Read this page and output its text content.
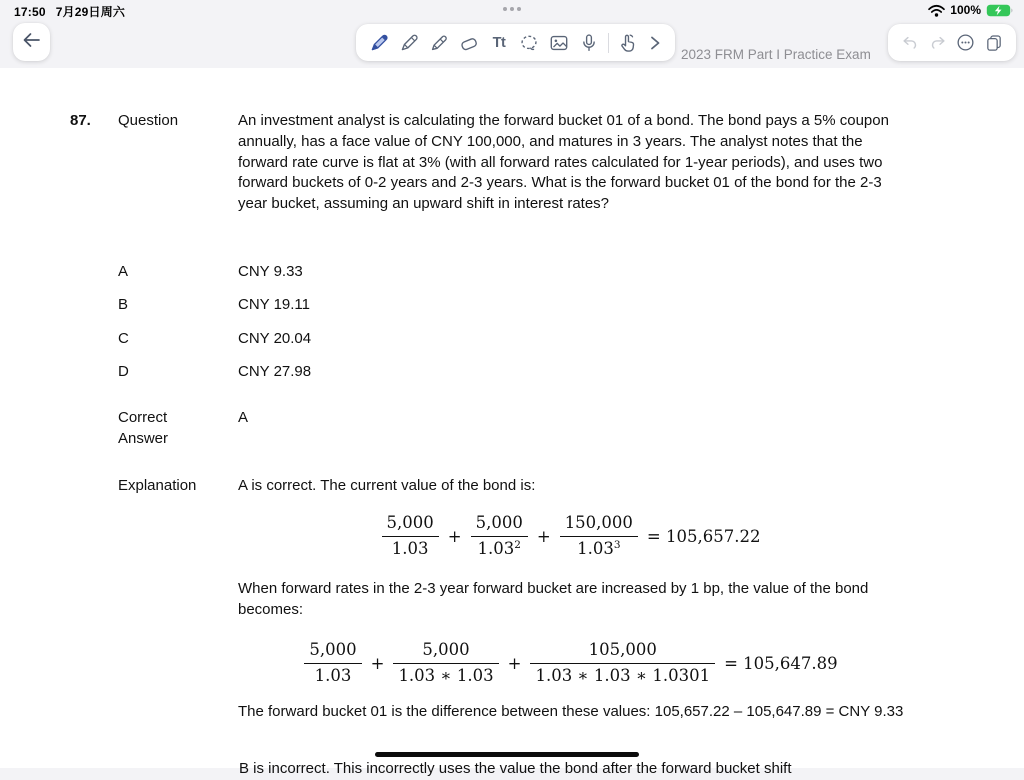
17:50 7月29日周六	100%
Tt
2023 FRM Part I Practice Exam
87. Question	An investment analyst is calculating the forward bucket 01 of a bond. The bond pays a 5% coupon annually, has a face value of CNY 100,000, and matures in 3 years. The analyst notes that the forward rate curve is flat at 3% (with all forward rates calculated for 1-year periods), and uses two forward buckets of 0-2 years and 2-3 years. What is the forward bucket 01 of the bond for the 2-3 year bucket, assuming an upward shift in interest rates?
A	CNY 9.33
B	CNY 19.11
C	CNY 20.04
D	CNY 27.98
Correct Answer
A
Explanation	A is correct. The current value of the bond is:
$\frac{5,000}{1.03} + \frac{5,000}{1.03^2} + \frac{150,000}{1.03^3} = 105,657.22$
When forward rates in the 2-3 year forward bucket are increased by 1 bp, the value of the bond becomes:
$\frac{5,000}{1.03} + \frac{5,000}{1.03 ∗ 1.03} + \frac{105,000}{1.03 ∗ 1.03 ∗ 1.0301} = 105,647.89$
The forward bucket 01 is the difference between these values: 105,657.22 – 105,647.89 = CNY 9.33
B is incorrect. This incorrectly uses the value the bond after the forward bucket shift
